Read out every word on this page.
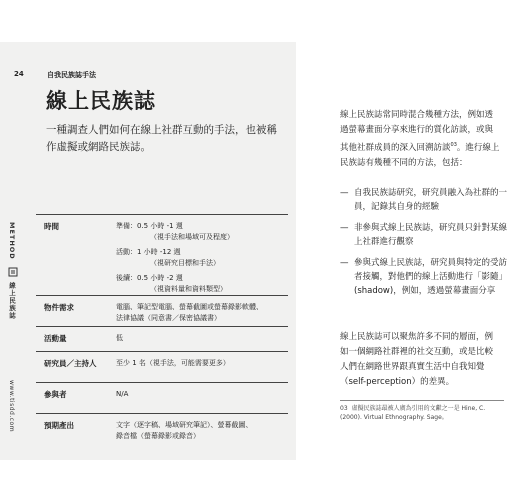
24	自我民族誌手法
線上民族誌
一種調查人們如何在線上社群互動的手法，也被稱作虛擬或網路民族誌。
線上民族誌
METHOD
www.tisdd.com
時間	準備：0.5 小時 -1 週
（視手法和場域可及程度）
活動：1 小時 -12 週
（視研究目標和手法）
後續：0.5 小時 -2 週
（視資料量和資料類型）
物件需求	電腦、筆記型電腦、螢幕截圖或螢幕錄影軟體、
法律協議（同意書／保密協議書）
活動量	低
研究員／主持人	至少 1 名（視手法，可能需要更多）
參與者	N/A
預期產出	文字（逐字稿、場域研究筆記）、螢幕截圖、
錄音檔（螢幕錄影或錄音）
線上民族誌常同時混合幾種方法，例如透過螢幕畫面分享來進行的質化訪談，或與其他社群成員的深入回溯訪談$^{03}$。進行線上民族誌有幾種不同的方法，包括：
— 自我民族誌研究，研究員融入為社群的一員，記錄其自身的經驗
— 非參與式線上民族誌，研究員只針對某線上社群進行觀察
— 參與式線上民族誌，研究員與特定的受訪者接觸，對他們的線上活動進行「影隨」(shadow)，例如，透過螢幕畫面分享
線上民族誌可以聚焦許多不同的層面，例如一個網路社群裡的社交互動，或是比較人們在網路世界跟真實生活中自我知覺（self-perception）的差異。
03 虛擬民族誌最被人廣為引用的文獻之一是 Hine, C. (2000). Virtual Ethnography. Sage。
